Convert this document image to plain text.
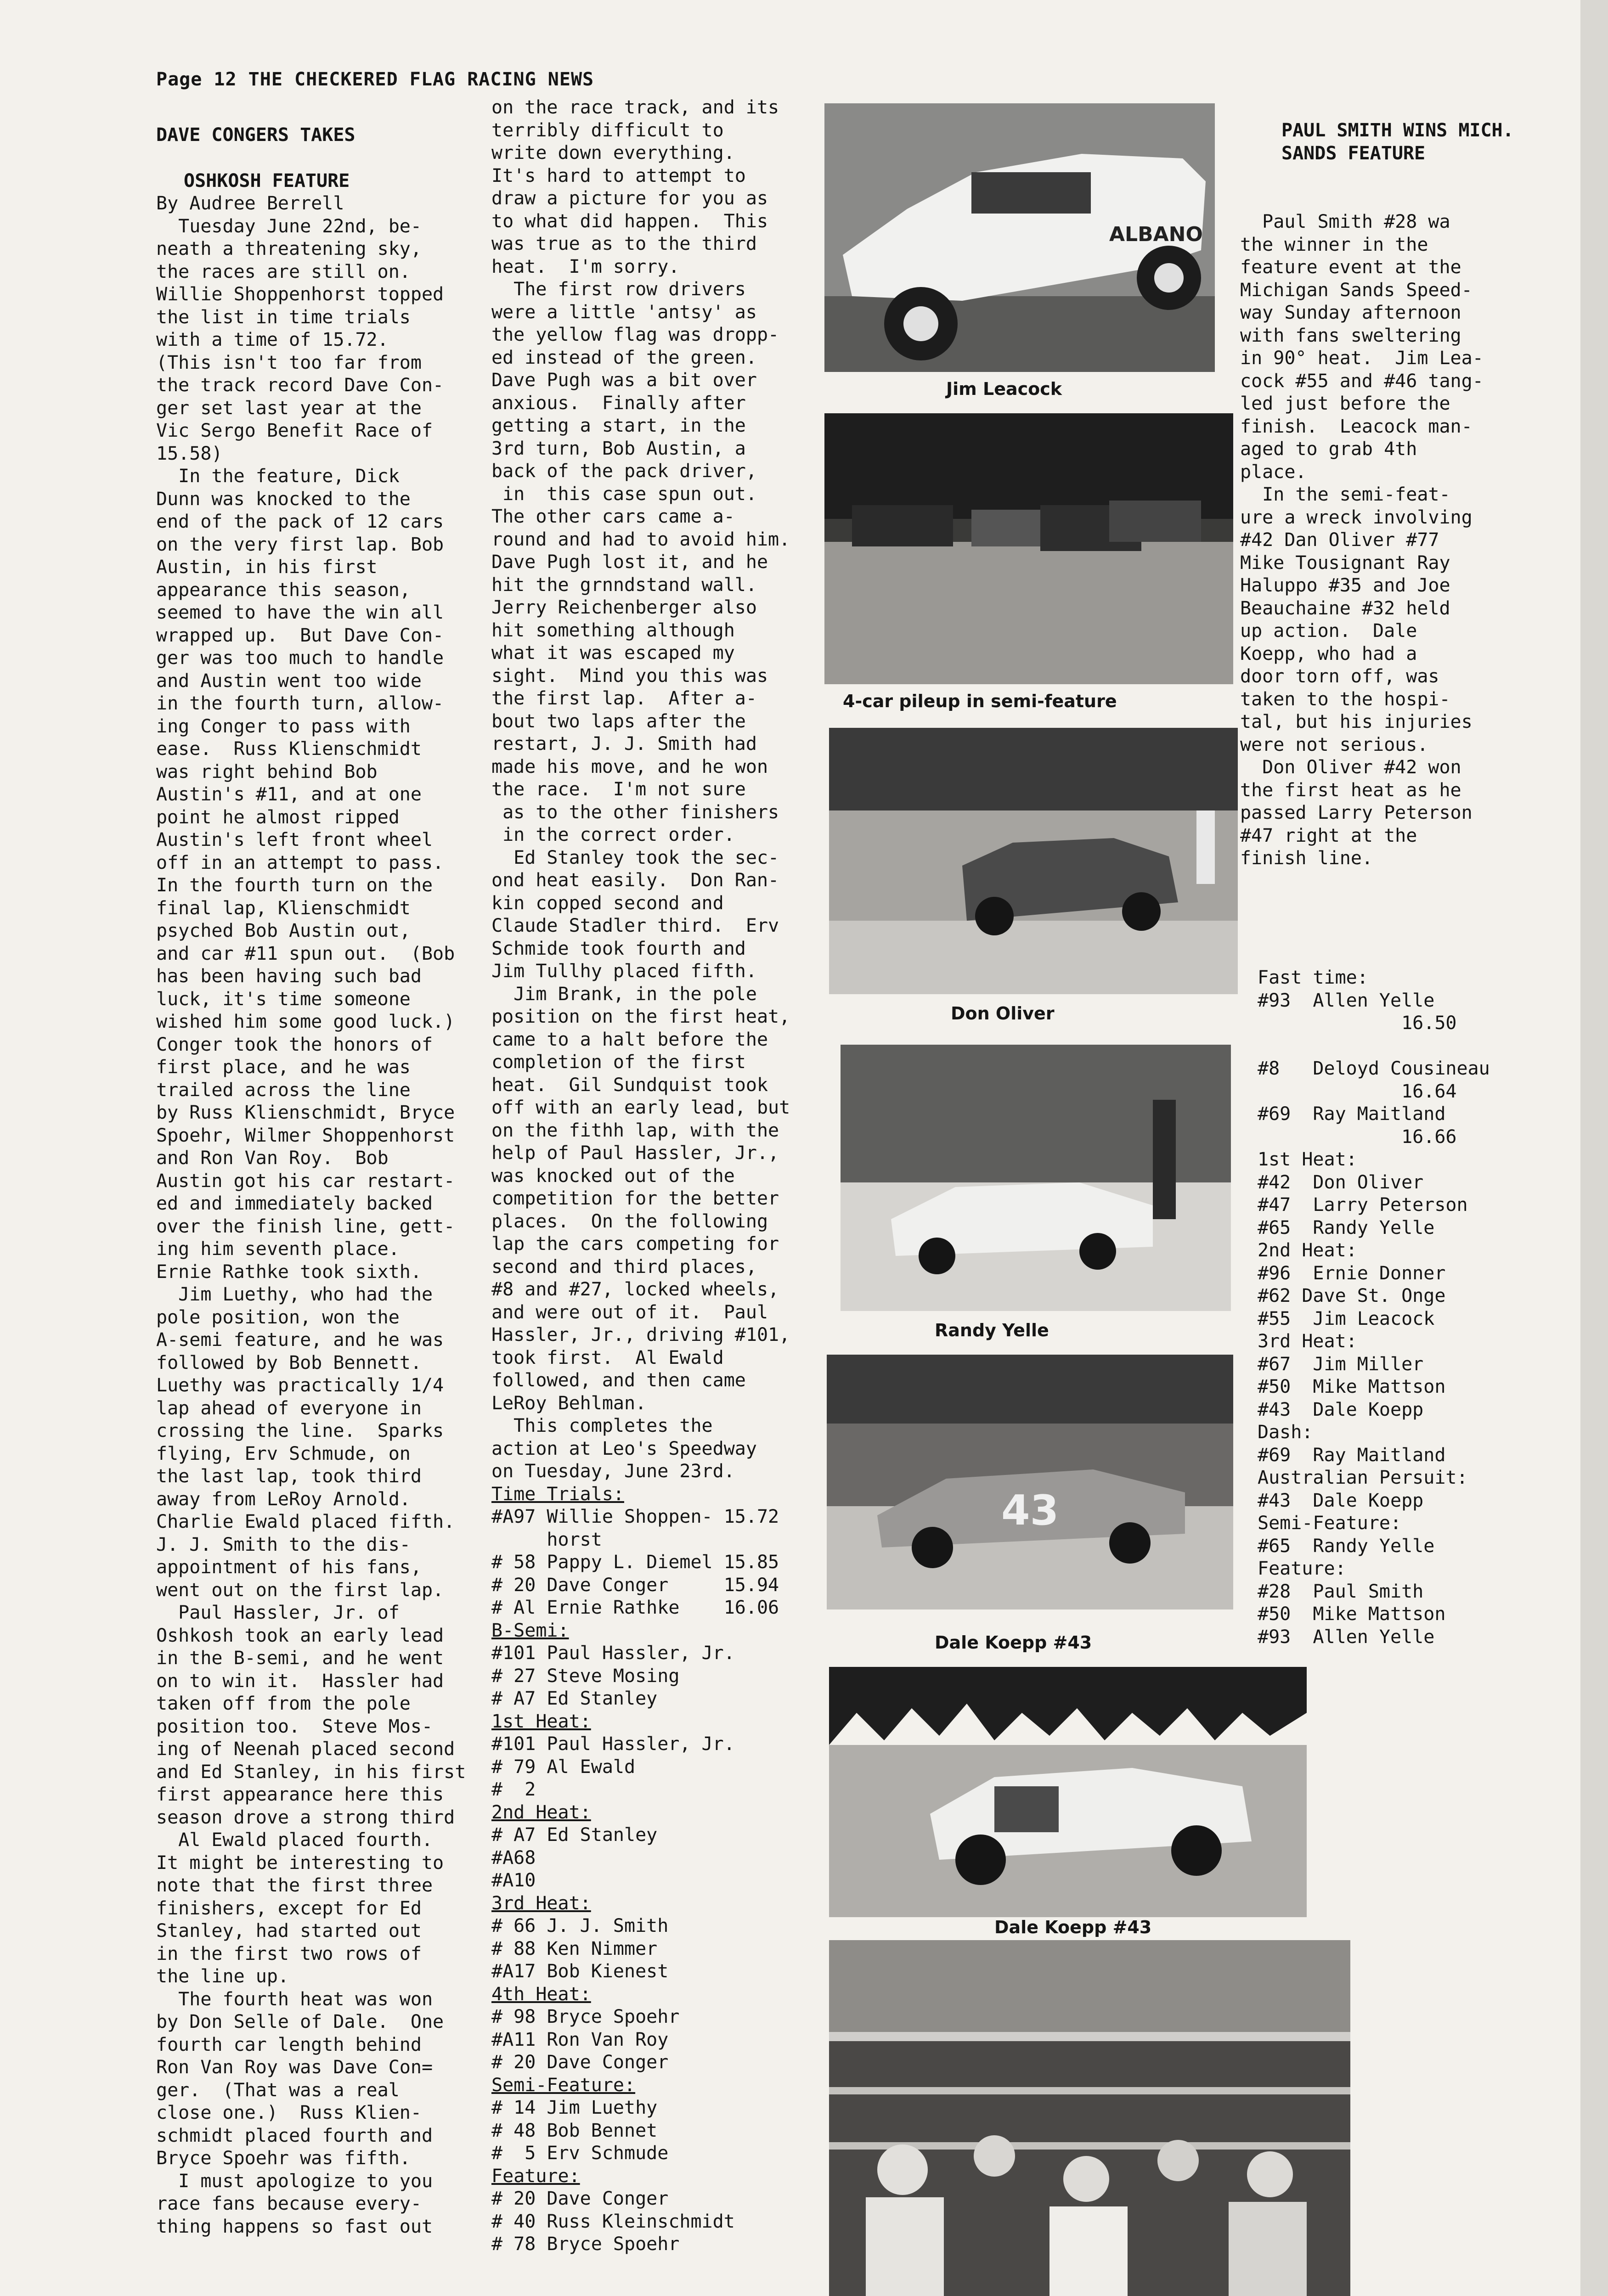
Page 12 THE CHECKERED FLAG RACING NEWS

DAVE CONGERS TAKES

OSHKOSH FEATURE

By Audree Berrell

Tuesday June 22nd, be-

neath a threatening sky,

the races are still on.

Willie Shoppenhorst topped

the list in time trials

with a time of 15.72.

(This isn't too far from

the track record Dave Con-

ger set last year at the

Vic Sergo Benefit Race of

15.58)

In the feature, Dick

Dunn was knocked to the

end of the pack of 12 cars

on the very first lap. Bob

Austin, in his first

appearance this season,

seemed to have the win all

wrapped up.  But Dave Con-

ger was too much to handle

and Austin went too wide

in the fourth turn, allow-

ing Conger to pass with

ease.  Russ Klienschmidt

was right behind Bob

Austin's #11, and at one

point he almost ripped

Austin's left front wheel

off in an attempt to pass.

In the fourth turn on the

final lap, Klienschmidt

psyched Bob Austin out,

and car #11 spun out.  (Bob

has been having such bad

luck, it's time someone

wished him some good luck.)

Conger took the honors of

first place, and he was

trailed across the line

by Russ Klienschmidt, Bryce

Spoehr, Wilmer Shoppenhorst

and Ron Van Roy.  Bob

Austin got his car restart-

ed and immediately backed

over the finish line, gett-

ing him seventh place.

Ernie Rathke took sixth.

Jim Luethy, who had the

pole position, won the

A-semi feature, and he was

followed by Bob Bennett.

Luethy was practically 1/4

lap ahead of everyone in

crossing the line.  Sparks

flying, Erv Schmude, on

the last lap, took third

away from LeRoy Arnold.

Charlie Ewald placed fifth.

J. J. Smith to the dis-

appointment of his fans,

went out on the first lap.

Paul Hassler, Jr. of

Oshkosh took an early lead

in the B-semi, and he went

on to win it.  Hassler had

taken off from the pole

position too.  Steve Mos-

ing of Neenah placed second

and Ed Stanley, in his first

first appearance here this

season drove a strong third

Al Ewald placed fourth.

It might be interesting to

note that the first three

finishers, except for Ed

Stanley, had started out

in the first two rows of

the line up.

The fourth heat was won

by Don Selle of Dale.  One

fourth car length behind

Ron Van Roy was Dave Con=

ger.  (That was a real

close one.)  Russ Klien-

schmidt placed fourth and

Bryce Spoehr was fifth.

I must apologize to you

race fans because every-

thing happens so fast out

on the race track, and its

terribly difficult to

write down everything.

It's hard to attempt to

draw a picture for you as

to what did happen.  This

was true as to the third

heat.  I'm sorry.

The first row drivers

were a little 'antsy' as

the yellow flag was dropp-

ed instead of the green.

Dave Pugh was a bit over

anxious.  Finally after

getting a start, in the

3rd turn, Bob Austin, a

back of the pack driver,

in  this case spun out.

The other cars came a-

round and had to avoid him.

Dave Pugh lost it, and he

hit the grnndstand wall.

Jerry Reichenberger also

hit something although

what it was escaped my

sight.  Mind you this was

the first lap.  After a-

bout two laps after the

restart, J. J. Smith had

made his move, and he won

the race.  I'm not sure

as to the other finishers

in the correct order.

Ed Stanley took the sec-

ond heat easily.  Don Ran-

kin copped second and

Claude Stadler third.  Erv

Schmide took fourth and

Jim Tullhy placed fifth.

Jim Brank, in the pole

position on the first heat,

came to a halt before the

completion of the first

heat.  Gil Sundquist took

off with an early lead, but

on the fithh lap, with the

help of Paul Hassler, Jr.,

was knocked out of the

competition for the better

places.  On the following

lap the cars competing for

second and third places,

#8 and #27, locked wheels,

and were out of it.  Paul

Hassler, Jr., driving #101,

took first.  Al Ewald

followed, and then came

LeRoy Behlman.

This completes the

action at Leo's Speedway

on Tuesday, June 23rd.

Time Trials:
#A97 Willie Shoppen- 15.72
horst
# 58 Pappy L. Diemel 15.85
# 20 Dave Conger     15.94
# Al Ernie Rathke    16.06
B-Semi:
#101 Paul Hassler, Jr.
# 27 Steve Mosing
# A7 Ed Stanley
1st Heat:
#101 Paul Hassler, Jr.
# 79 Al Ewald
#  2
2nd Heat:
# A7 Ed Stanley
#A68
#A10
3rd Heat:
# 66 J. J. Smith
# 88 Ken Nimmer
#A17 Bob Kienest
4th Heat:
# 98 Bryce Spoehr
#A11 Ron Van Roy
# 20 Dave Conger
Semi-Feature:
# 14 Jim Luethy
# 48 Bob Bennet
#  5 Erv Schmude
Feature:
# 20 Dave Conger
# 40 Russ Kleinschmidt
# 78 Bryce Spoehr
ALBANO
Jim Leacock
4-car pileup in semi-feature
Don Oliver
Randy Yelle
43
Dale Koepp #43
Dale Koepp #43

PAUL SMITH WINS MICH.

SANDS FEATURE

Paul Smith #28 wa

the winner in the

feature event at the

Michigan Sands Speed-

way Sunday afternoon

with fans sweltering

in 90° heat.  Jim Lea-

cock #55 and #46 tang-

led just before the

finish.  Leacock man-

aged to grab 4th

place.

In the semi-feat-

ure a wreck involving

#42 Dan Oliver #77

Mike Tousignant Ray

Haluppo #35 and Joe

Beauchaine #32 held

up action.  Dale

Koepp, who had a

door torn off, was

taken to the hospi-

tal, but his injuries

were not serious.

Don Oliver #42 won

the first heat as he

passed Larry Peterson

#47 right at the

finish line.

Fast time:
#93  Allen Yelle
16.50
#8   Deloyd Cousineau
16.64
#69  Ray Maitland
16.66
1st Heat:
#42  Don Oliver
#47  Larry Peterson
#65  Randy Yelle
2nd Heat:
#96  Ernie Donner
#62 Dave St. Onge
#55  Jim Leacock
3rd Heat:
#67  Jim Miller
#50  Mike Mattson
#43  Dale Koepp
Dash:
#69  Ray Maitland
Australian Persuit:
#43  Dale Koepp
Semi-Feature:
#65  Randy Yelle
Feature:
#28  Paul Smith
#50  Mike Mattson
#93  Allen Yelle
